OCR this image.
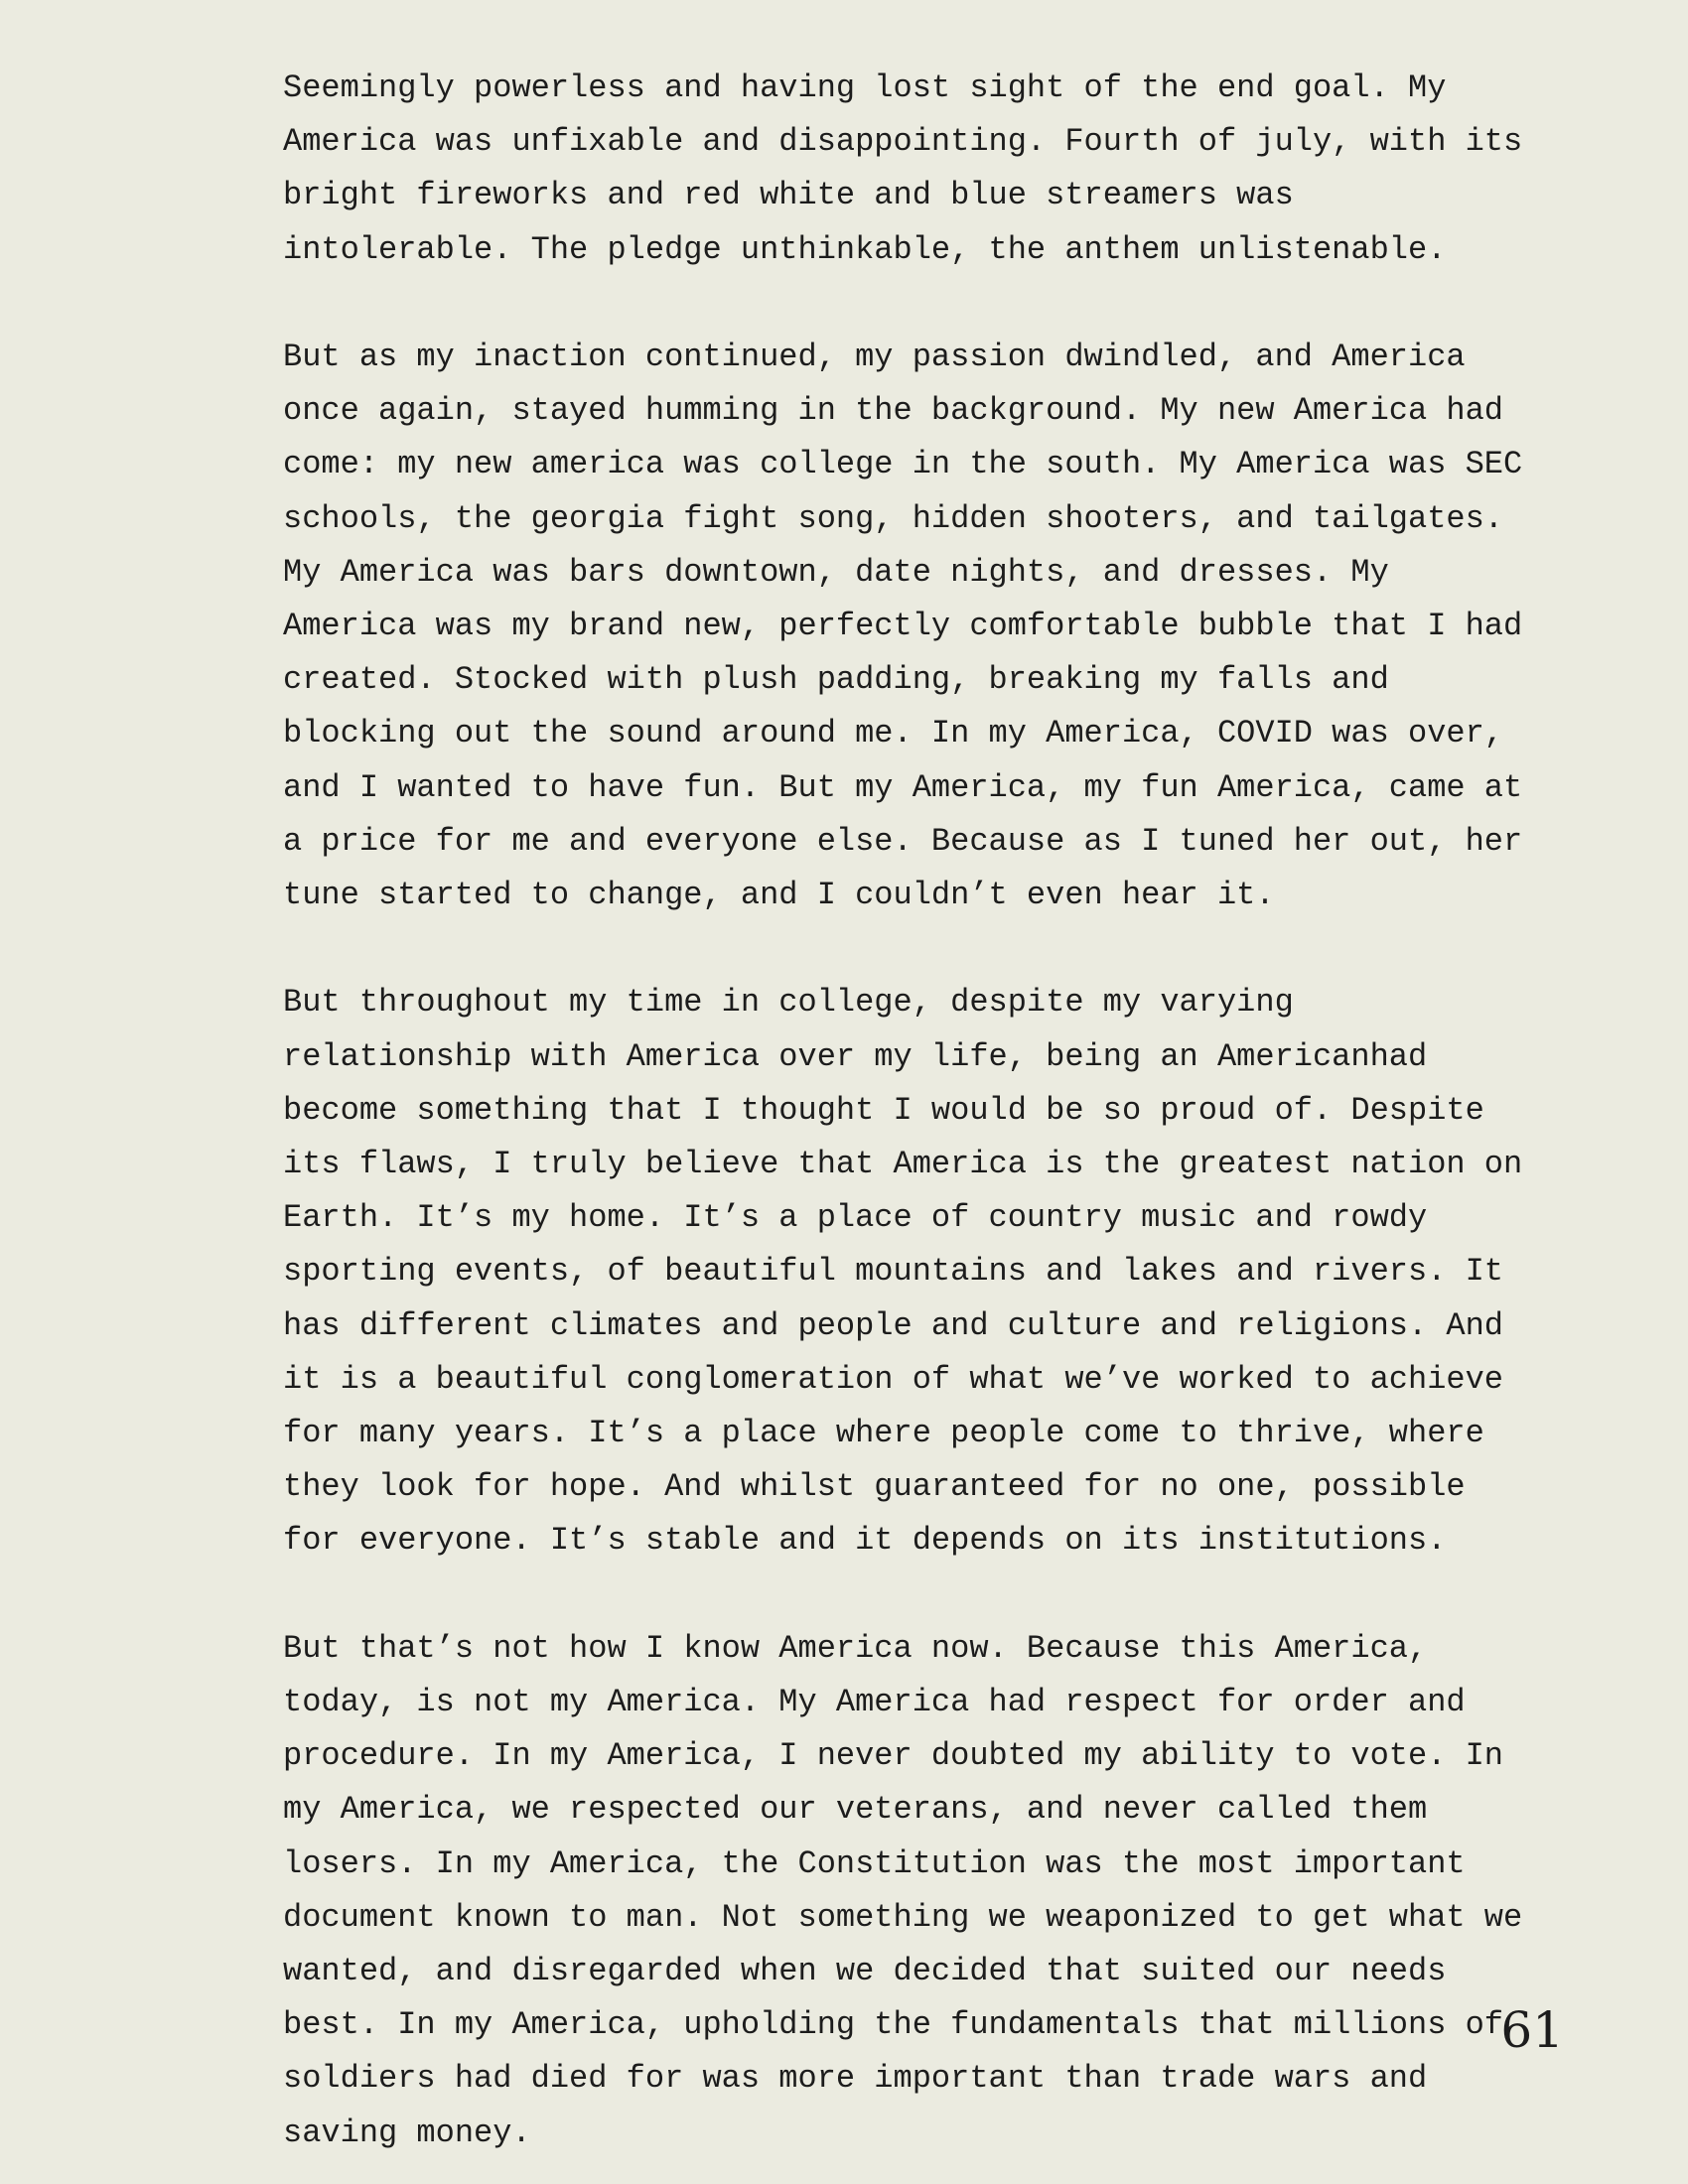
Seemingly powerless and having lost sight of the end goal. My
America was unfixable and disappointing. Fourth of july, with its
bright fireworks and red white and blue streamers was
intolerable. The pledge unthinkable, the anthem unlistenable.

But as my inaction continued, my passion dwindled, and America
once again, stayed humming in the background. My new America had
come: my new america was college in the south. My America was SEC
schools, the georgia fight song, hidden shooters, and tailgates.
My America was bars downtown, date nights, and dresses. My
America was my brand new, perfectly comfortable bubble that I had
created. Stocked with plush padding, breaking my falls and
blocking out the sound around me. In my America, COVID was over,
and I wanted to have fun. But my America, my fun America, came at
a price for me and everyone else. Because as I tuned her out, her
tune started to change, and I couldn’t even hear it.

But throughout my time in college, despite my varying
relationship with America over my life, being an Americanhad
become something that I thought I would be so proud of. Despite
its flaws, I truly believe that America is the greatest nation on
Earth. It’s my home. It’s a place of country music and rowdy
sporting events, of beautiful mountains and lakes and rivers. It
has different climates and people and culture and religions. And
it is a beautiful conglomeration of what we’ve worked to achieve
for many years. It’s a place where people come to thrive, where
they look for hope. And whilst guaranteed for no one, possible
for everyone. It’s stable and it depends on its institutions.

But that’s not how I know America now. Because this America,
today, is not my America. My America had respect for order and
procedure. In my America, I never doubted my ability to vote. In
my America, we respected our veterans, and never called them
losers. In my America, the Constitution was the most important
document known to man. Not something we weaponized to get what we
wanted, and disregarded when we decided that suited our needs
best. In my America, upholding the fundamentals that millions of
soldiers had died for was more important than trade wars and
saving money.

61
